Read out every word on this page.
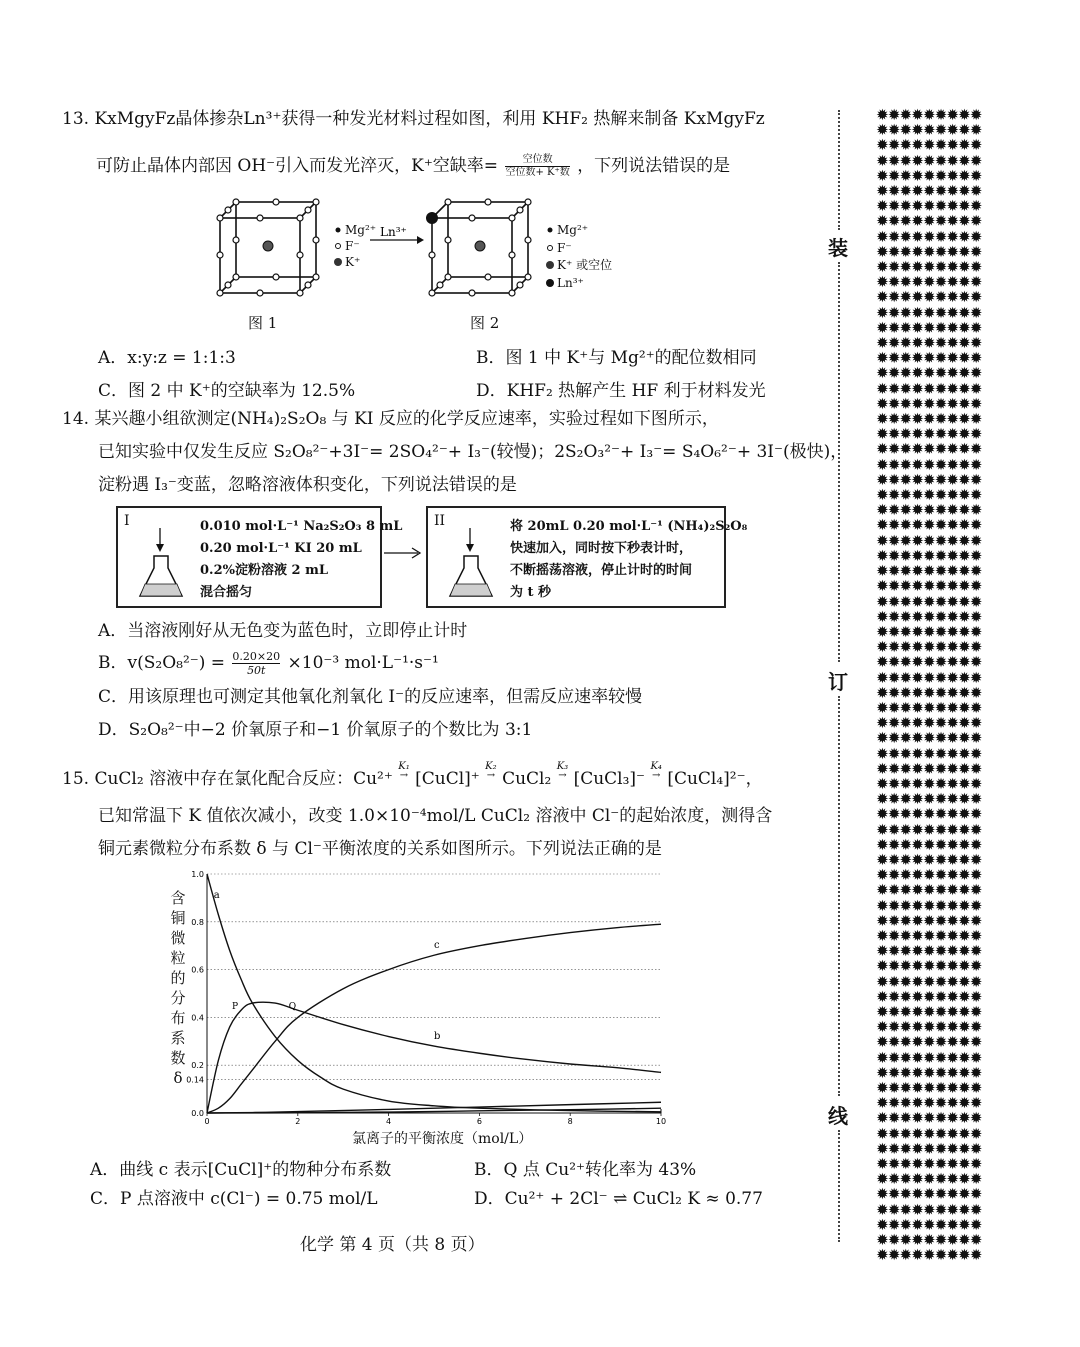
13. KxMgyFz晶体掺杂Ln³⁺获得一种发光材料过程如图，利用 KHF₂ 热解来制备 KxMgyFz
可防止晶体内部因 OH⁻引入而发光淬灭，K⁺空缺率=	空位数
空位数+ K⁺数 ，下列说法错误的是
Mg²⁺
F⁻
K⁺
Ln³⁺	Mg²⁺
F⁻
K⁺ 或空位
Ln³⁺
图 1	图 2
A．x:y:z = 1:1:3	B．图 1 中 K⁺与 Mg²⁺的配位数相同
C．图 2 中 K⁺的空缺率为 12.5%	D．KHF₂ 热解产生 HF 利于材料发光
14. 某兴趣小组欲测定(NH₄)₂S₂O₈ 与 KI 反应的化学反应速率，实验过程如下图所示，
已知实验中仅发生反应 S₂O₈²⁻+3I⁻= 2SO₄²⁻+ I₃⁻(较慢)；2S₂O₃²⁻+ I₃⁻= S₄O₆²⁻+ 3I⁻(极快)，
淀粉遇 I₃⁻变蓝，忽略溶液体积变化，下列说法错误的是
I	0.010 mol·L⁻¹ Na₂S₂O₃ 8 mL
0.20 mol·L⁻¹ KI 20 mL
0.2%淀粉溶液 2 mL
混合摇匀
II	将 20mL 0.20 mol·L⁻¹ (NH₄)₂S₂O₈
快速加入，同时按下秒表计时，
不断摇荡溶液，停止计时的时间
为 t 秒
A．当溶液刚好从无色变为蓝色时，立即停止计时
B．$v(S_2O_8^{2-}) = \frac{0.20\times 20}{50t} \times 10^{-3}$ mol·L⁻¹·s⁻¹
C．用该原理也可测定其他氧化剂氧化 I⁻的反应速率，但需反应速率较慢
D．S₂O₈²⁻中−2 价氧原子和−1 价氧原子的个数比为 3:1
15. CuCl₂ 溶液中存在氯化配合反应：Cu²⁺
K₁
→ [CuCl]⁺
K₂
→ CuCl₂
K₃
→ [CuCl₃]⁻
K₄
→ [CuCl₄]²⁻，
已知常温下 K 值依次减小，改变 1.0×10⁻⁴mol/L CuCl₂ 溶液中 Cl⁻的起始浓度，测得含
铜元素微粒分布系数 δ 与 Cl⁻平衡浓度的关系如图所示。下列说法正确的是
含
铜
微
粒
的
分
布
系
数
δ
0.0
0.14
0.2
0.4
0.6
0.8
1.0
0	2	4	6	8	10
a
b
c
P	Q
氯离子的平衡浓度（mol/L）
A．曲线 c 表示[CuCl]⁺的物种分布系数	B．Q 点 Cu²⁺转化率为 43%
C．P 点溶液中 c(Cl⁻) = 0.75 mol/L	D．Cu²⁺ + 2Cl⁻ ⇌ CuCl₂ K ≈ 0.77
化学 第 4 页（共 8 页）
装
订
线
✹✹✹✹✹✹✹✹✹
✹✹✹✹✹✹✹✹✹
✹✹✹✹✹✹✹✹✹
✹✹✹✹✹✹✹✹✹
✹✹✹✹✹✹✹✹✹
✹✹✹✹✹✹✹✹✹
✹✹✹✹✹✹✹✹✹
✹✹✹✹✹✹✹✹✹
✹✹✹✹✹✹✹✹✹
✹✹✹✹✹✹✹✹✹
✹✹✹✹✹✹✹✹✹
✹✹✹✹✹✹✹✹✹
✹✹✹✹✹✹✹✹✹
✹✹✹✹✹✹✹✹✹
✹✹✹✹✹✹✹✹✹
✹✹✹✹✹✹✹✹✹
✹✹✹✹✹✹✹✹✹
✹✹✹✹✹✹✹✹✹
✹✹✹✹✹✹✹✹✹
✹✹✹✹✹✹✹✹✹
✹✹✹✹✹✹✹✹✹
✹✹✹✹✹✹✹✹✹
✹✹✹✹✹✹✹✹✹
✹✹✹✹✹✹✹✹✹
✹✹✹✹✹✹✹✹✹
✹✹✹✹✹✹✹✹✹
✹✹✹✹✹✹✹✹✹
✹✹✹✹✹✹✹✹✹
✹✹✹✹✹✹✹✹✹
✹✹✹✹✹✹✹✹✹
✹✹✹✹✹✹✹✹✹
✹✹✹✹✹✹✹✹✹
✹✹✹✹✹✹✹✹✹
✹✹✹✹✹✹✹✹✹
✹✹✹✹✹✹✹✹✹
✹✹✹✹✹✹✹✹✹
✹✹✹✹✹✹✹✹✹
✹✹✹✹✹✹✹✹✹
✹✹✹✹✹✹✹✹✹
✹✹✹✹✹✹✹✹✹
✹✹✹✹✹✹✹✹✹
✹✹✹✹✹✹✹✹✹
✹✹✹✹✹✹✹✹✹
✹✹✹✹✹✹✹✹✹
✹✹✹✹✹✹✹✹✹
✹✹✹✹✹✹✹✹✹
✹✹✹✹✹✹✹✹✹
✹✹✹✹✹✹✹✹✹
✹✹✹✹✹✹✹✹✹
✹✹✹✹✹✹✹✹✹
✹✹✹✹✹✹✹✹✹
✹✹✹✹✹✹✹✹✹
✹✹✹✹✹✹✹✹✹
✹✹✹✹✹✹✹✹✹
✹✹✹✹✹✹✹✹✹
✹✹✹✹✹✹✹✹✹
✹✹✹✹✹✹✹✹✹
✹✹✹✹✹✹✹✹✹
✹✹✹✹✹✹✹✹✹
✹✹✹✹✹✹✹✹✹
✹✹✹✹✹✹✹✹✹
✹✹✹✹✹✹✹✹✹
✹✹✹✹✹✹✹✹✹
✹✹✹✹✹✹✹✹✹
✹✹✹✹✹✹✹✹✹
✹✹✹✹✹✹✹✹✹
✹✹✹✹✹✹✹✹✹
✹✹✹✹✹✹✹✹✹
✹✹✹✹✹✹✹✹✹
✹✹✹✹✹✹✹✹✹
✹✹✹✹✹✹✹✹✹
✹✹✹✹✹✹✹✹✹
✹✹✹✹✹✹✹✹✹
✹✹✹✹✹✹✹✹✹
✹✹✹✹✹✹✹✹✹
✹✹✹✹✹✹✹✹✹
